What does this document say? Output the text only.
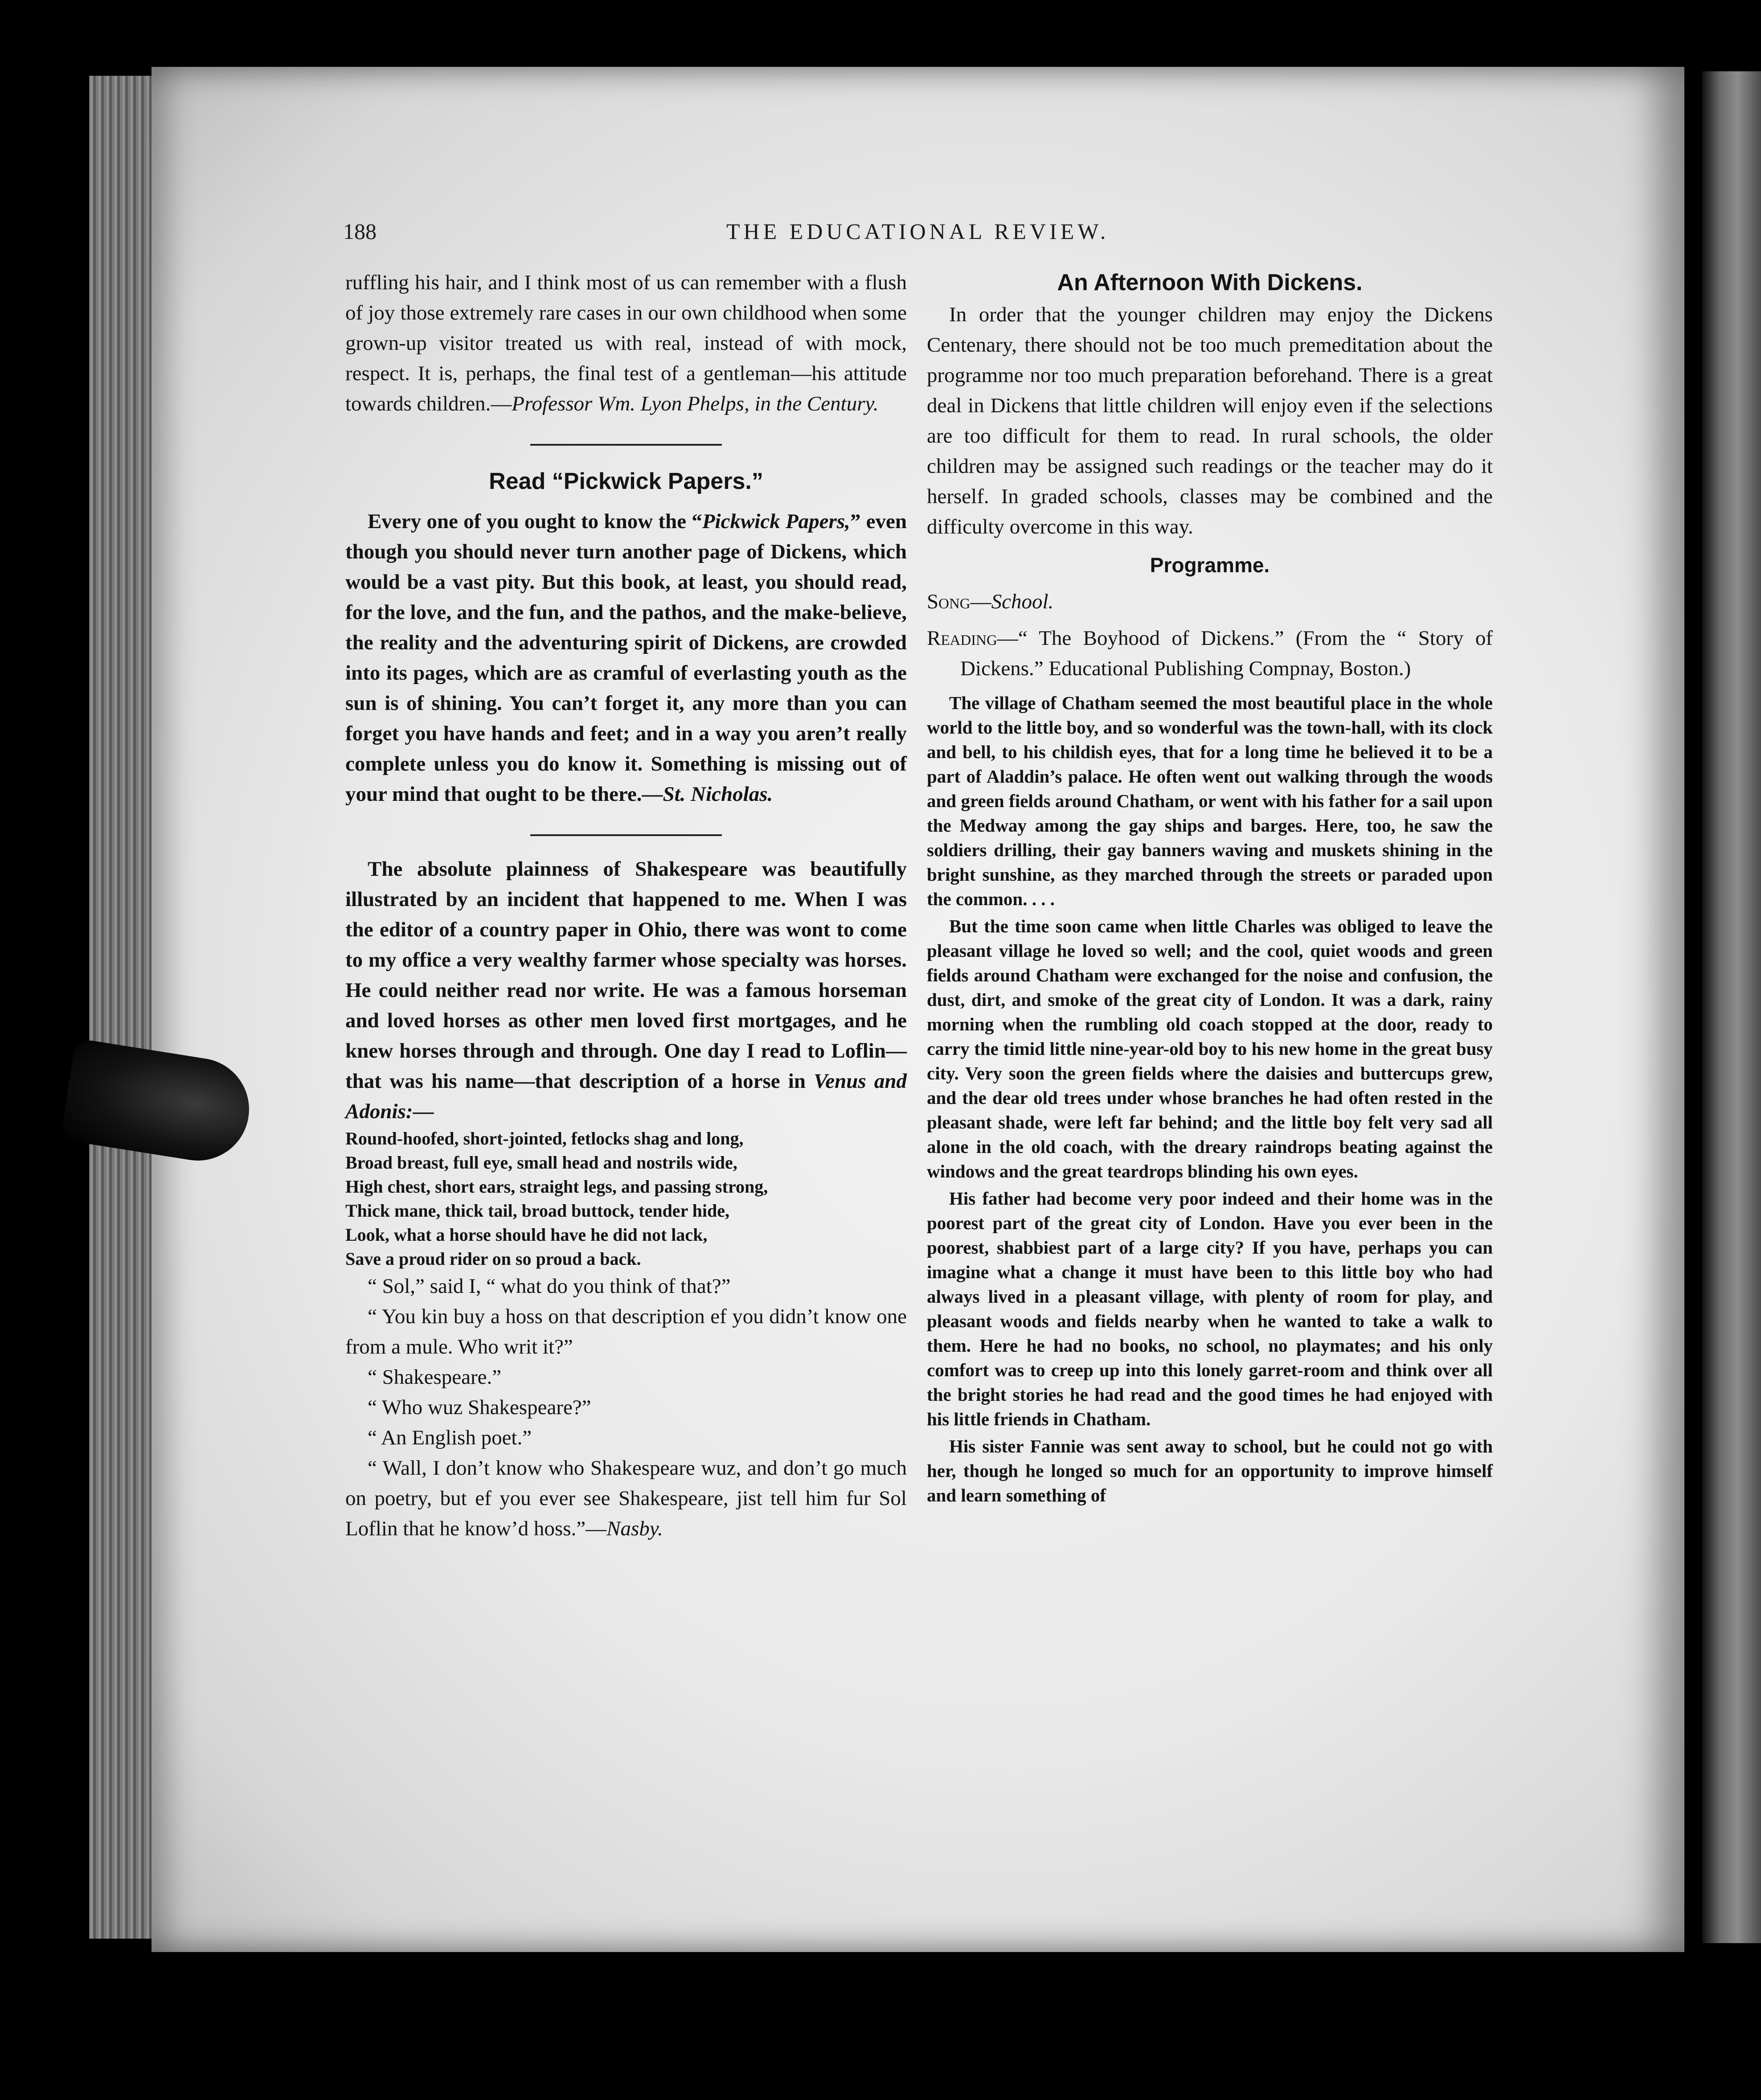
188	THE EDUCATIONAL REVIEW.

ruffling his hair, and I think most of us can remember with a flush of joy those extremely rare cases in our own childhood when some grown-up visitor treated us with real, instead of with mock, respect. It is, perhaps, the final test of a gentleman—his attitude towards children.—Professor Wm. Lyon Phelps, in the Century.

Read “Pickwick Papers.”

Every one of you ought to know the “Pickwick Papers,” even though you should never turn another page of Dickens, which would be a vast pity. But this book, at least, you should read, for the love, and the fun, and the pathos, and the make-believe, the reality and the adventuring spirit of Dickens, are crowded into its pages, which are as cramful of everlasting youth as the sun is of shining. You can’t forget it, any more than you can forget you have hands and feet; and in a way you aren’t really complete unless you do know it. Something is missing out of your mind that ought to be there.—St. Nicholas.

The absolute plainness of Shakespeare was beautifully illustrated by an incident that happened to me. When I was the editor of a country paper in Ohio, there was wont to come to my office a very wealthy farmer whose specialty was horses. He could neither read nor write. He was a famous horseman and loved horses as other men loved first mortgages, and he knew horses through and through. One day I read to Loflin—that was his name—that description of a horse in Venus and Adonis:—

Round-hoofed, short-jointed, fetlocks shag and long,
Broad breast, full eye, small head and nostrils wide,
High chest, short ears, straight legs, and passing strong,
Thick mane, thick tail, broad buttock, tender hide,
Look, what a horse should have he did not lack,
Save a proud rider on so proud a back.

“ Sol,” said I, “ what do you think of that?”

“ You kin buy a hoss on that description ef you didn’t know one from a mule. Who writ it?”

“ Shakespeare.”

“ Who wuz Shakespeare?”

“ An English poet.”

“ Wall, I don’t know who Shakespeare wuz, and don’t go much on poetry, but ef you ever see Shakespeare, jist tell him fur Sol Loflin that he know’d hoss.”—Nasby.

An Afternoon With Dickens.

In order that the younger children may enjoy the Dickens Centenary, there should not be too much premeditation about the programme nor too much preparation beforehand. There is a great deal in Dickens that little children will enjoy even if the selections are too difficult for them to read. In rural schools, the older children may be assigned such readings or the teacher may do it herself. In graded schools, classes may be combined and the difficulty overcome in this way.

Programme.

Song—School.

Reading—“ The Boyhood of Dickens.” (From the “ Story of Dickens.” Educational Publishing Compnay, Boston.)

The village of Chatham seemed the most beautiful place in the whole world to the little boy, and so wonderful was the town-hall, with its clock and bell, to his childish eyes, that for a long time he believed it to be a part of Aladdin’s palace. He often went out walking through the woods and green fields around Chatham, or went with his father for a sail upon the Medway among the gay ships and barges. Here, too, he saw the soldiers drilling, their gay banners waving and muskets shining in the bright sunshine, as they marched through the streets or paraded upon the common. . . .

But the time soon came when little Charles was obliged to leave the pleasant village he loved so well; and the cool, quiet woods and green fields around Chatham were exchanged for the noise and confusion, the dust, dirt, and smoke of the great city of London. It was a dark, rainy morning when the rumbling old coach stopped at the door, ready to carry the timid little nine-year-old boy to his new home in the great busy city. Very soon the green fields where the daisies and buttercups grew, and the dear old trees under whose branches he had often rested in the pleasant shade, were left far behind; and the little boy felt very sad all alone in the old coach, with the dreary raindrops beating against the windows and the great teardrops blinding his own eyes.

His father had become very poor indeed and their home was in the poorest part of the great city of London. Have you ever been in the poorest, shabbiest part of a large city? If you have, perhaps you can imagine what a change it must have been to this little boy who had always lived in a pleasant village, with plenty of room for play, and pleasant woods and fields nearby when he wanted to take a walk to them. Here he had no books, no school, no playmates; and his only comfort was to creep up into this lonely garret-room and think over all the bright stories he had read and the good times he had enjoyed with his little friends in Chatham.

His sister Fannie was sent away to school, but he could not go with her, though he longed so much for an opportunity to improve himself and learn something of
